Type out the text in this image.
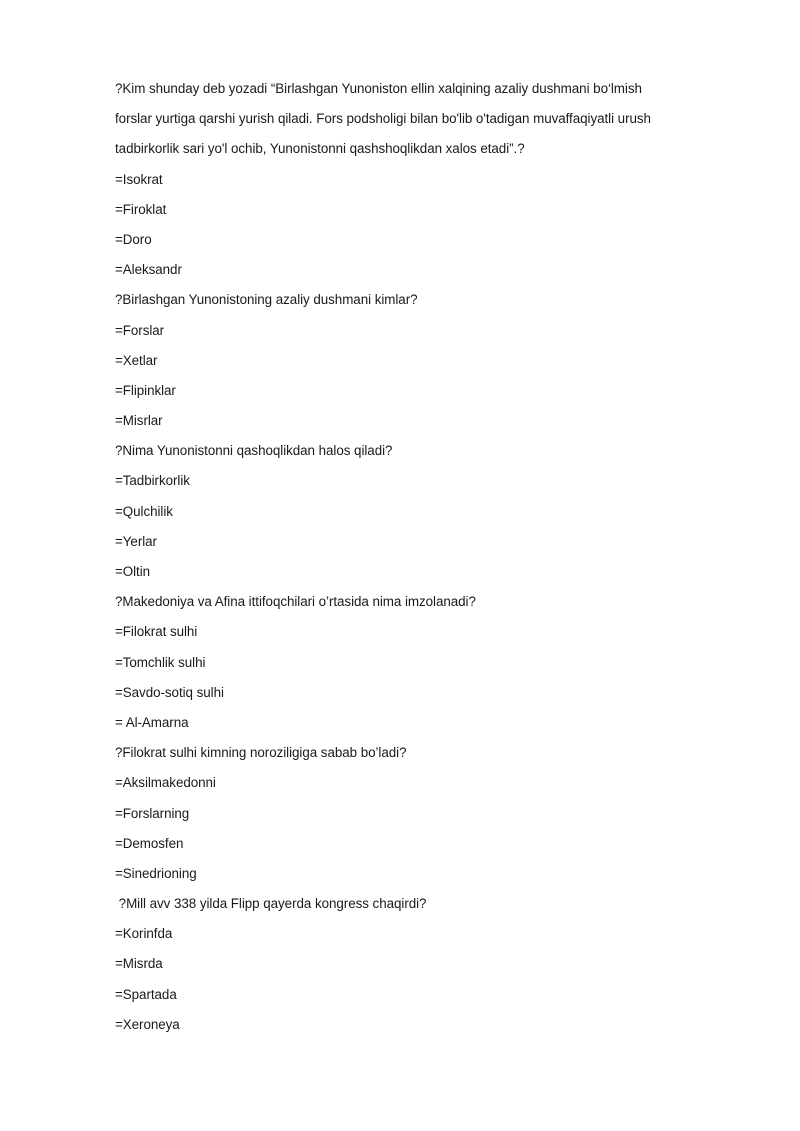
?Kim shunday deb yozadi “Birlashgan Yunoniston ellin xalqining azaliy dushmani bo‘lmish
forslar yurtiga qarshi yurish qiladi. Fors podsholigi bilan bo'lib o'tadigan muvaffaqiyatli urush
tadbirkorlik sari yo'l ochib, Yunonistonni qashshoqlikdan xalos etadi”.?
=Isokrat
=Firoklat
=Doro
=Aleksandr
?Birlashgan Yunonistoning azaliy dushmani kimlar?
=Forslar
=Xetlar
=Flipinklar
=Misrlar
?Nima Yunonistonni qashoqlikdan halos qiladi?
=Tadbirkorlik
=Qulchilik
=Yerlar
=Oltin
?Makedoniya va Afina ittifoqchilari o’rtasida nima imzolanadi?
=Filokrat sulhi
=Tomchlik sulhi
=Savdo-sotiq sulhi
= Al-Amarna
?Filokrat sulhi kimning noroziligiga sabab bo’ladi?
=Aksilmakedonni
=Forslarning
=Demosfen
=Sinedrioning
?Mill avv 338 yilda Flipp qayerda kongress chaqirdi?
=Korinfda
=Misrda
=Spartada
=Xeroneya
